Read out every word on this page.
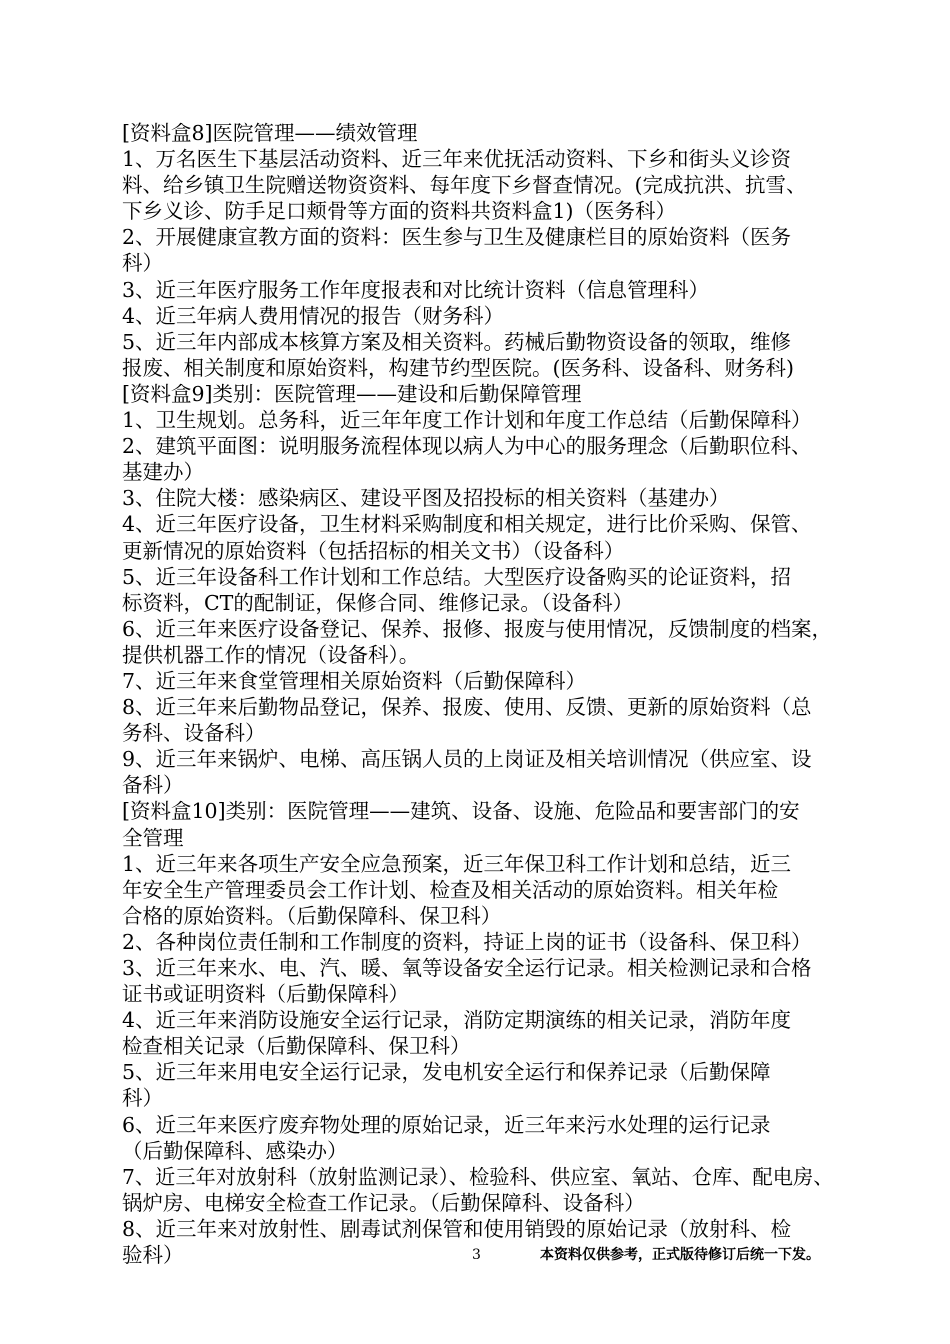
[资料盒8]医院管理——绩效管理
1、万名医生下基层活动资料、近三年来优抚活动资料、下乡和街头义诊资
料、给乡镇卫生院赠送物资资料、每年度下乡督查情况。(完成抗洪、抗雪、
下乡义诊、防手足口颊骨等方面的资料共资料盒1)（医务科）
2、开展健康宣教方面的资料：医生参与卫生及健康栏目的原始资料（医务
科）
3、近三年医疗服务工作年度报表和对比统计资料（信息管理科）
4、近三年病人费用情况的报告（财务科）
5、近三年内部成本核算方案及相关资料。药械后勤物资设备的领取，维修
报废、相关制度和原始资料，构建节约型医院。(医务科、设备科、财务科)
[资料盒9]类别：医院管理——建设和后勤保障管理
1、卫生规划。总务科，近三年年度工作计划和年度工作总结（后勤保障科）
2、建筑平面图：说明服务流程体现以病人为中心的服务理念（后勤职位科、
基建办）
3、住院大楼：感染病区、建设平图及招投标的相关资料（基建办）
4、近三年医疗设备，卫生材料采购制度和相关规定，进行比价采购、保管、
更新情况的原始资料（包括招标的相关文书）（设备科）
5、近三年设备科工作计划和工作总结。大型医疗设备购买的论证资料，招
标资料，CT的配制证，保修合同、维修记录。（设备科）
6、近三年来医疗设备登记、保养、报修、报废与使用情况，反馈制度的档案，
提供机器工作的情况（设备科）。
7、近三年来食堂管理相关原始资料（后勤保障科）
8、近三年来后勤物品登记，保养、报废、使用、反馈、更新的原始资料（总
务科、设备科）
9、近三年来锅炉、电梯、高压锅人员的上岗证及相关培训情况（供应室、设
备科）
[资料盒10]类别：医院管理——建筑、设备、设施、危险品和要害部门的安
全管理
1、近三年来各项生产安全应急预案，近三年保卫科工作计划和总结，近三
年安全生产管理委员会工作计划、检查及相关活动的原始资料。相关年检
合格的原始资料。（后勤保障科、保卫科）
2、各种岗位责任制和工作制度的资料，持证上岗的证书（设备科、保卫科）
3、近三年来水、电、汽、暖、氧等设备安全运行记录。相关检测记录和合格
证书或证明资料（后勤保障科）
4、近三年来消防设施安全运行记录，消防定期演练的相关记录，消防年度
检查相关记录（后勤保障科、保卫科）
5、近三年来用电安全运行记录，发电机安全运行和保养记录（后勤保障
科）
6、近三年来医疗废弃物处理的原始记录，近三年来污水处理的运行记录
（后勤保障科、感染办）
7、近三年对放射科（放射监测记录）、检验科、供应室、氧站、仓库、配电房、
锅炉房、电梯安全检查工作记录。（后勤保障科、设备科）
8、近三年来对放射性、剧毒试剂保管和使用销毁的原始记录（放射科、检
验科）	3	本资料仅供参考，正式版待修订后统一下发。
